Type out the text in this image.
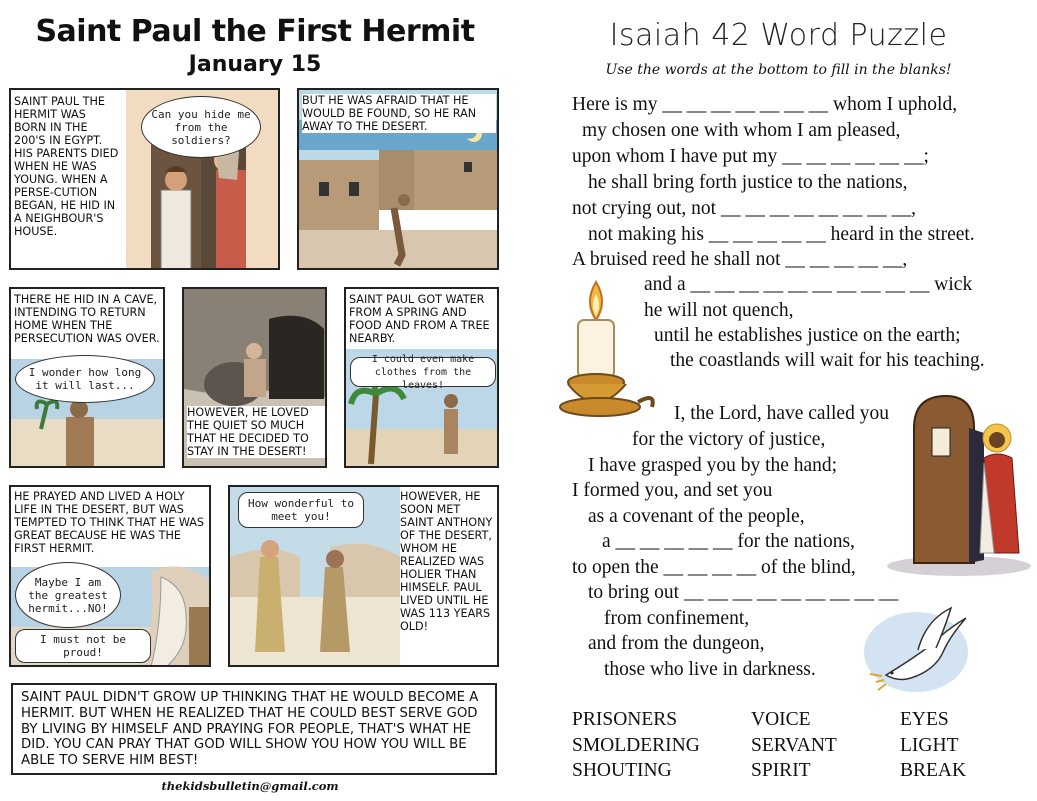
Saint Paul the First Hermit
January 15
SAINT PAUL THE HERMIT WAS BORN IN THE 200'S IN EGYPT. HIS PARENTS DIED WHEN HE WAS YOUNG. WHEN A PERSE-CUTION BEGAN, HE HID IN A NEIGHBOUR'S HOUSE.
Can you hide me from the soldiers?
BUT HE WAS AFRAID THAT HE WOULD BE FOUND, SO HE RAN AWAY TO THE DESERT.
THERE HE HID IN A CAVE, INTENDING TO RETURN HOME WHEN THE PERSECUTION WAS OVER.
I wonder how long it will last...
HOWEVER, HE LOVED THE QUIET SO MUCH THAT HE DECIDED TO STAY IN THE DESERT!
SAINT PAUL GOT WATER FROM A SPRING AND FOOD AND FROM A TREE NEARBY.
I could even make clothes from the leaves!
HE PRAYED AND LIVED A HOLY LIFE IN THE DESERT, BUT WAS TEMPTED TO THINK THAT HE WAS GREAT BECAUSE HE WAS THE FIRST HERMIT.
Maybe I am the greatest hermit...NO!
I must not be proud!
How wonderful to meet you!
HOWEVER, HE SOON MET SAINT ANTHONY OF THE DESERT, WHOM HE REALIZED WAS HOLIER THAN HIMSELF. PAUL LIVED UNTIL HE WAS 113 YEARS OLD!
SAINT PAUL DIDN'T GROW UP THINKING THAT HE WOULD BECOME A HERMIT. BUT WHEN HE REALIZED THAT HE COULD BEST SERVE GOD BY LIVING BY HIMSELF AND PRAYING FOR PEOPLE, THAT'S WHAT HE DID. YOU CAN PRAY THAT GOD WILL SHOW YOU HOW YOU WILL BE ABLE TO SERVE HIM BEST!
thekidsbulletin@gmail.com
Isaiah 42 Word Puzzle
Use the words at the bottom to fill in the blanks!
Here is my __ __ __ __ __ __ __ whom I uphold,
my chosen one with whom I am pleased,
upon whom I have put my __ __ __ __ __ __;
he shall bring forth justice to the nations,
not crying out, not __ __ __ __ __ __ __ __,
not making his __ __ __ __ __ heard in the street.
A bruised reed he shall not __ __ __ __ __,
and a __ __ __ __ __ __ __ __ __ __ wick
he will not quench,
until he establishes justice on the earth;
the coastlands will wait for his teaching.
I, the Lord, have called you
for the victory of justice,
I have grasped you by the hand;
I formed you, and set you
as a covenant of the people,
a __ __ __ __ __ for the nations,
to open the __ __ __ __ of the blind,
to bring out __ __ __ __ __ __ __ __ __
from confinement,
and from the dungeon,
those who live in darkness.
PRISONERS	VOICE	EYES
SMOLDERING	SERVANT	LIGHT
SHOUTING	SPIRIT	BREAK
